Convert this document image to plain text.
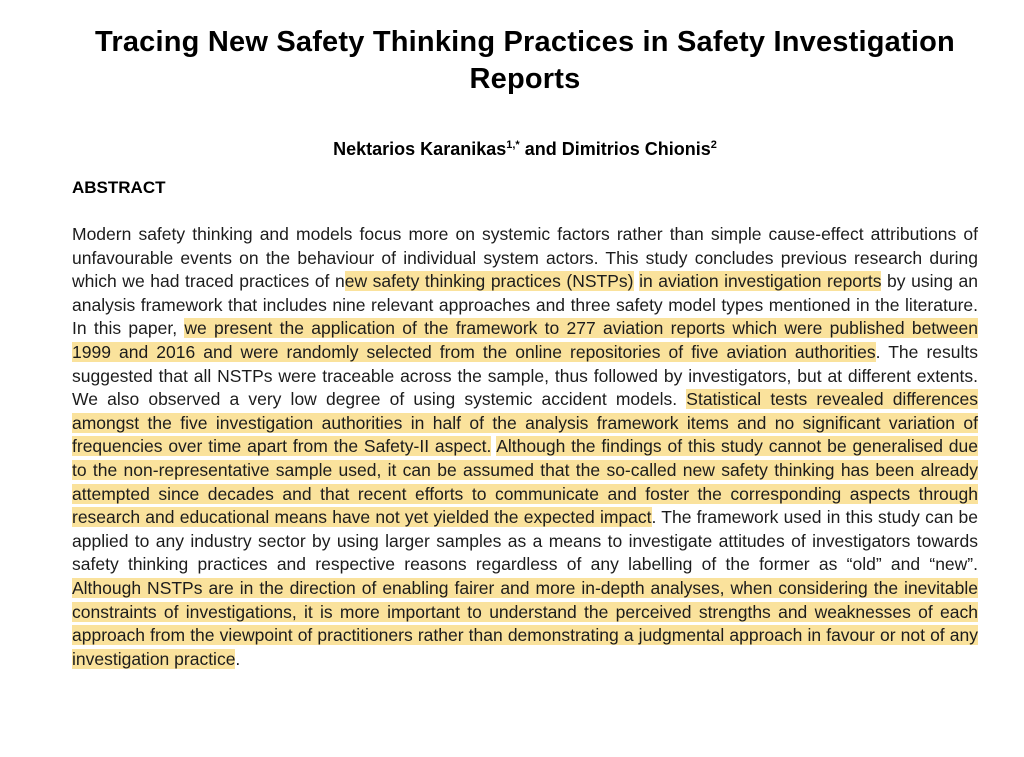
Tracing New Safety Thinking Practices in Safety Investigation Reports
Nektarios Karanikas$^{1,*}$ and Dimitrios Chionis$^2$
ABSTRACT

Modern safety thinking and models focus more on systemic factors rather than simple cause-effect attributions of unfavourable events on the behaviour of individual system actors. This study concludes previous research during which we had traced practices of new safety thinking practices (NSTPs) in aviation investigation reports by using an analysis framework that includes nine relevant approaches and three safety model types mentioned in the literature. In this paper, we present the application of the framework to 277 aviation reports which were published between 1999 and 2016 and were randomly selected from the online repositories of five aviation authorities. The results suggested that all NSTPs were traceable across the sample, thus followed by investigators, but at different extents. We also observed a very low degree of using systemic accident models. Statistical tests revealed differences amongst the five investigation authorities in half of the analysis framework items and no significant variation of frequencies over time apart from the Safety-II aspect. Although the findings of this study cannot be generalised due to the non-representative sample used, it can be assumed that the so-called new safety thinking has been already attempted since decades and that recent efforts to communicate and foster the corresponding aspects through research and educational means have not yet yielded the expected impact. The framework used in this study can be applied to any industry sector by using larger samples as a means to investigate attitudes of investigators towards safety thinking practices and respective reasons regardless of any labelling of the former as “old” and “new”. Although NSTPs are in the direction of enabling fairer and more in-depth analyses, when considering the inevitable constraints of investigations, it is more important to understand the perceived strengths and weaknesses of each approach from the viewpoint of practitioners rather than demonstrating a judgmental approach in favour or not of any investigation practice.
